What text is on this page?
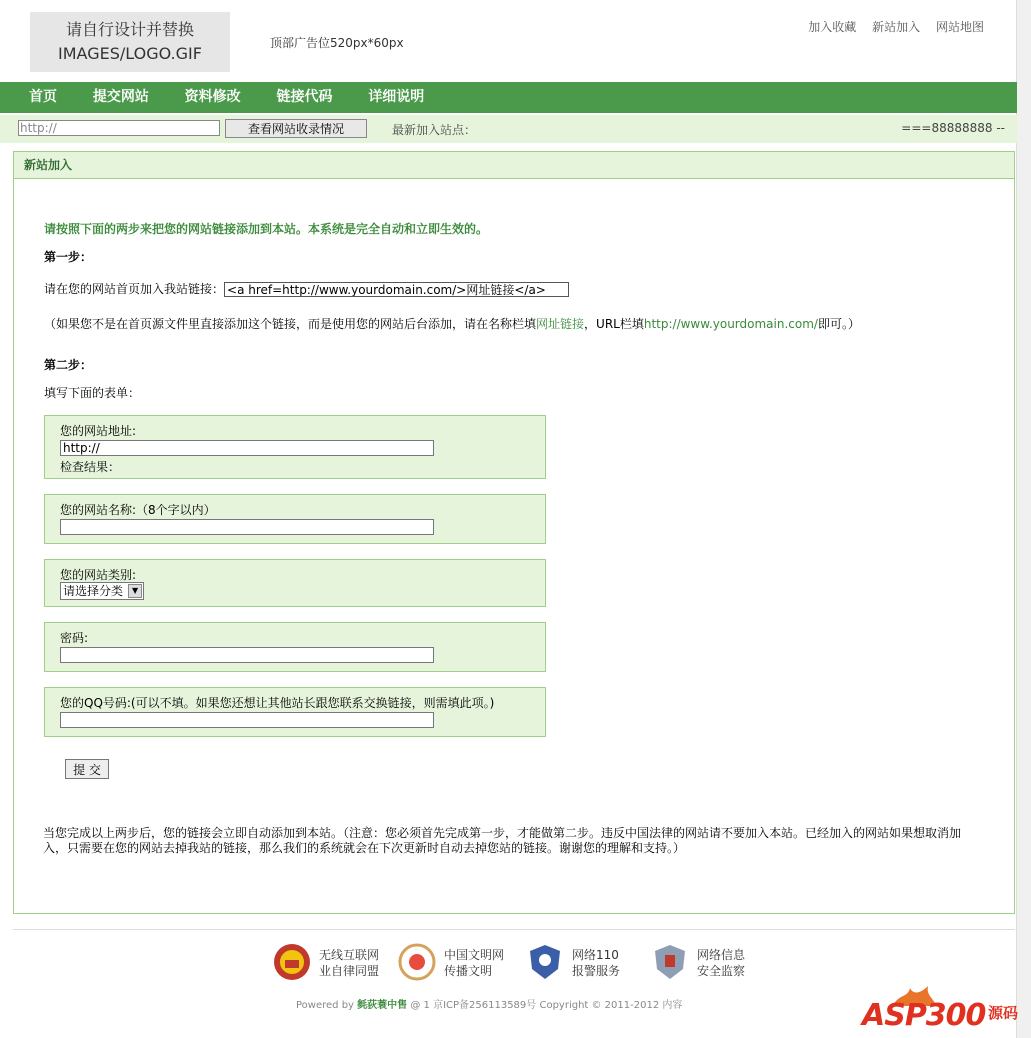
请自行设计并替换
IMAGES/LOGO.GIF
顶部广告位520px*60px
加入收藏 新站加入 网站地图
首页	提交网站	资料修改	链接代码	详细说明
http://
查看网站收录情况	最新加入站点：	===88888888 --
新站加入
请按照下面的两步来把您的网站链接添加到本站。本系统是完全自动和立即生效的。
第一步：
请在您的网站首页加入我站链接： <a href=http://www.yourdomain.com/>网址链接</a>
（如果您不是在首页源文件里直接添加这个链接，而是使用您的网站后台添加，请在名称栏填网址链接，URL栏填http://www.yourdomain.com/即可。）
第二步：
填写下面的表单：
您的网站地址:
http://
检查结果：
您的网站名称:（8个字以内）
您的网站类别:
请选择分类	▼
密码:
您的QQ号码:(可以不填。如果您还想让其他站长跟您联系交换链接，则需填此项。)
提 交
当您完成以上两步后，您的链接会立即自动添加到本站。（注意：您必须首先完成第一步，才能做第二步。违反中国法律的网站请不要加入本站。已经加入的网站如果想取消加入，只需要在您的网站去掉我站的链接，那么我们的系统就会在下次更新时自动去掉您站的链接。谢谢您的理解和支持。）
无线互联网
业自律同盟
中国文明网
传播文明
网络110
报警服务
网络信息
安全监察
Powered by 毵荻蓑中售 @ 1 京ICP备256113589号 Copyright © 2011-2012 内容	ASP300 源码
